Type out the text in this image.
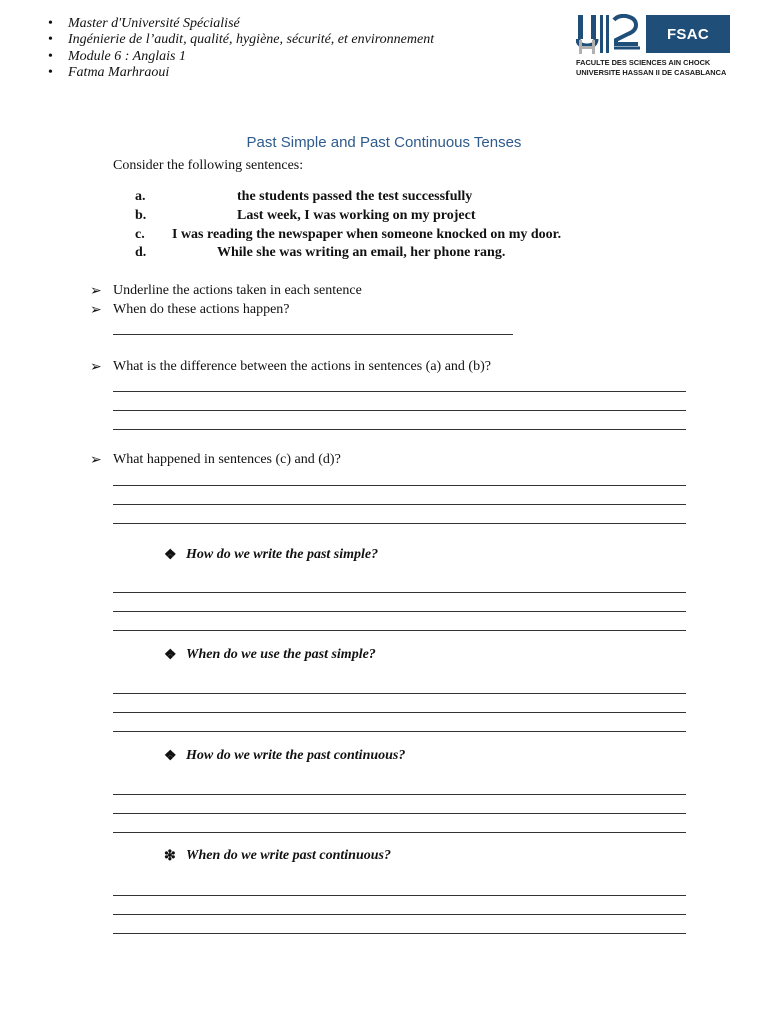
• Master d'Université Spécialisé
• Ingénierie de l’audit, qualité, hygiène, sécurité, et environnement
• Module 6 : Anglais 1
• Fatma Marhraoui
FSAC
FACULTE DES SCIENCES AIN CHOCK
UNIVERSITE HASSAN II DE CASABLANCA
Past Simple and Past Continuous Tenses
Consider the following sentences:
a.	the students passed the test successfully
b.	Last week, I was working on my project
c. I was reading the newspaper when someone knocked on my door.
d.	While she was writing an email, her phone rang.
➢ Underline the actions taken in each sentence
➢ When do these actions happen?
➢ What is the difference between the actions in sentences (a) and (b)?
➢ What happened in sentences (c) and (d)?
❖ How do we write the past simple?
❖ When do we use the past simple?
❖ How do we write the past continuous?
❇ When do we write past continuous?
